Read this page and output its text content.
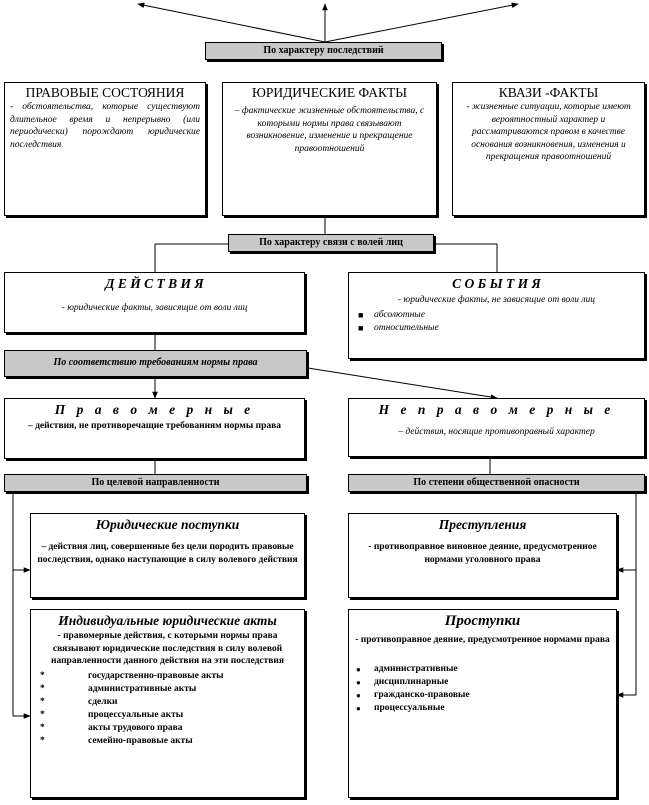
По характеру последствий
ПРАВОВЫЕ СОСТОЯНИЯ
- обстоятельства, которые существуют длительное время и непрерывно (или периодически) порождают юридические последствия
ЮРИДИЧЕСКИЕ ФАКТЫ
– фактические жизненные обстоятельства, с которыми нормы права связывают возникновение, изменение и прекращение правоотношений
КВАЗИ -ФАКТЫ
- жизненные ситуации, которые имеют вероятностный характер и рассматриваются правом в качестве основания возникновения, изменения и прекращения правоотношений
По характеру связи с волей лиц
Д Е Й С Т В И Я
- юридические факты, зависящие от воли лиц
С О Б Ы Т И Я
- юридические факты, не зависящие от воли лиц
■ абсолютные
■ относительные
По соответствию требованиям нормы права
П р а в о м е р н ы е
– действия, не противоречащие требованиям нормы права
Н е п р а в о м е р н ы е
– действия, носящие противоправный характер
По целевой направленности	По степени общественной опасности
Юридические поступки
– действия лиц, совершенные без цели породить правовые последствия, однако наступающие в силу волевого действия
Преступления
- противоправное виновное деяние, предусмотренное нормами уголовного права
Индивидуальные юридические акты
- правомерные действия, с которыми нормы права связывают юридические последствия в силу волевой направленности данного действия на эти последствия
* государственно-правовые акты
* административные акты
* сделки
* процессуальные акты
* акты трудового права
* семейно-правовые акты
Проступки
- противоправное деяние, предусмотренное нормами права
● административные
● дисциплинарные
● гражданско-правовые
● процессуальные
